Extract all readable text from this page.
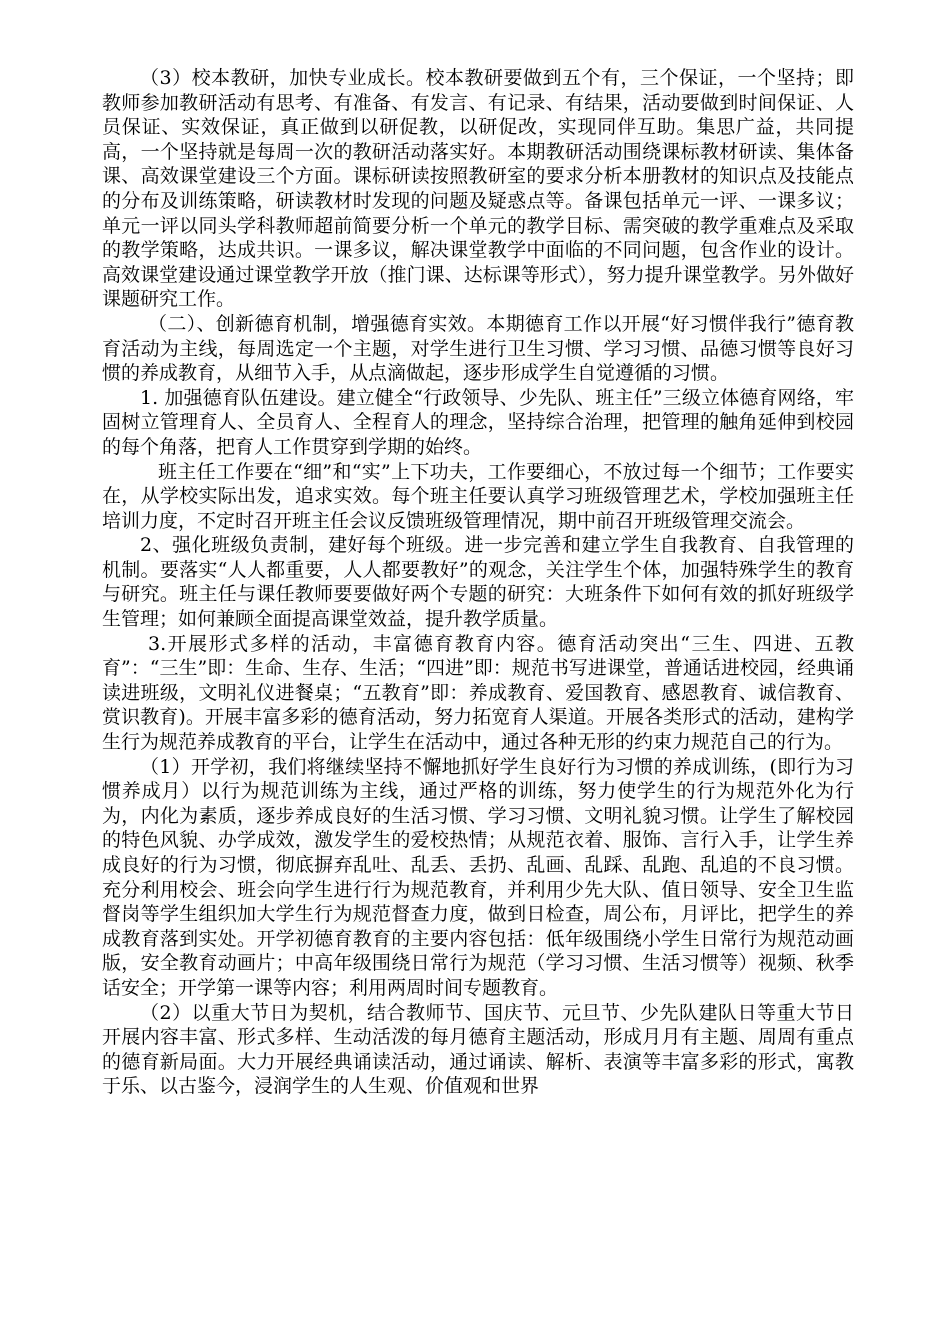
（3）校本教研，加快专业成长。校本教研要做到五个有，三个保证，一个坚持；即教师参加教研活动有思考、有准备、有发言、有记录、有结果，活动要做到时间保证、人员保证、实效保证，真正做到以研促教，以研促改，实现同伴互助。集思广益，共同提高，一个坚持就是每周一次的教研活动落实好。本期教研活动围绕课标教材研读、集体备课、高效课堂建设三个方面。课标研读按照教研室的要求分析本册教材的知识点及技能点的分布及训练策略，研读教材时发现的问题及疑惑点等。备课包括单元一评、一课多议；单元一评以同头学科教师超前简要分析一个单元的教学目标、需突破的教学重难点及采取的教学策略，达成共识。一课多议，解决课堂教学中面临的不同问题，包含作业的设计。高效课堂建设通过课堂教学开放（推门课、达标课等形式），努力提升课堂教学。另外做好课题研究工作。

（二）、创新德育机制，增强德育实效。本期德育工作以开展“好习惯伴我行”德育教育活动为主线，每周选定一个主题，对学生进行卫生习惯、学习习惯、品德习惯等良好习惯的养成教育，从细节入手，从点滴做起，逐步形成学生自觉遵循的习惯。

1. 加强德育队伍建设。建立健全“行政领导、少先队、班主任”三级立体德育网络，牢固树立管理育人、全员育人、全程育人的理念，坚持综合治理，把管理的触角延伸到校园的每个角落，把育人工作贯穿到学期的始终。

班主任工作要在“细”和“实”上下功夫，工作要细心，不放过每一个细节；工作要实在，从学校实际出发，追求实效。每个班主任要认真学习班级管理艺术，学校加强班主任培训力度，不定时召开班主任会议反馈班级管理情况，期中前召开班级管理交流会。

2、强化班级负责制，建好每个班级。进一步完善和建立学生自我教育、自我管理的机制。要落实“人人都重要，人人都要教好”的观念，关注学生个体，加强特殊学生的教育与研究。班主任与课任教师要要做好两个专题的研究：大班条件下如何有效的抓好班级学生管理；如何兼顾全面提高课堂效益，提升教学质量。

3.开展形式多样的活动，丰富德育教育内容。德育活动突出“三生、四进、五教育”：“三生”即：生命、生存、生活；“四进”即：规范书写进课堂，普通话进校园，经典诵读进班级，文明礼仪进餐桌；“五教育”即：养成教育、爱国教育、感恩教育、诚信教育、赏识教育)。开展丰富多彩的德育活动，努力拓宽育人渠道。开展各类形式的活动，建构学生行为规范养成教育的平台，让学生在活动中，通过各种无形的约束力规范自己的行为。

（1）开学初，我们将继续坚持不懈地抓好学生良好行为习惯的养成训练，(即行为习惯养成月）以行为规范训练为主线，通过严格的训练，努力使学生的行为规范外化为行为，内化为素质，逐步养成良好的生活习惯、学习习惯、文明礼貌习惯。让学生了解校园的特色风貌、办学成效，激发学生的爱校热情；从规范衣着、服饰、言行入手，让学生养成良好的行为习惯，彻底摒弃乱吐、乱丢、丢扔、乱画、乱踩、乱跑、乱追的不良习惯。充分利用校会、班会向学生进行行为规范教育，并利用少先大队、值日领导、安全卫生监督岗等学生组织加大学生行为规范督查力度，做到日检查，周公布，月评比，把学生的养成教育落到实处。开学初德育教育的主要内容包括：低年级围绕小学生日常行为规范动画版，安全教育动画片；中高年级围绕日常行为规范（学习习惯、生活习惯等）视频、秋季话安全；开学第一课等内容；利用两周时间专题教育。

（2）以重大节日为契机，结合教师节、国庆节、元旦节、少先队建队日等重大节日开展内容丰富、形式多样、生动活泼的每月德育主题活动，形成月月有主题、周周有重点的德育新局面。大力开展经典诵读活动，通过诵读、解析、表演等丰富多彩的形式，寓教于乐、以古鉴今，浸润学生的人生观、价值观和世界
